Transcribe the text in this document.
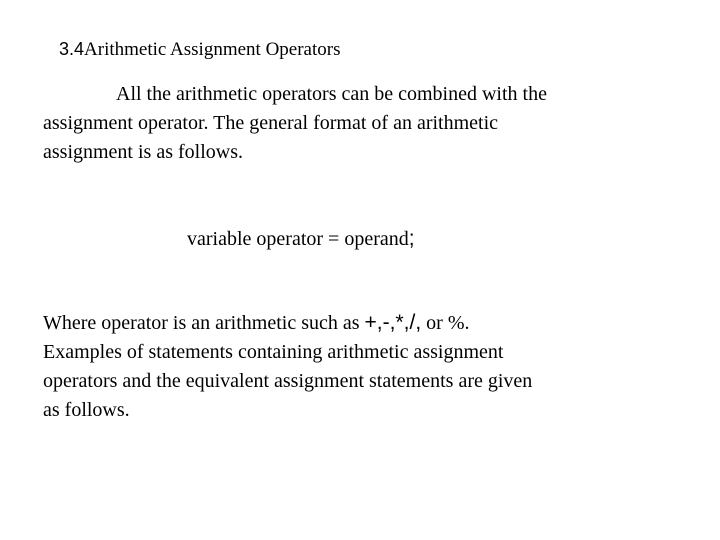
3.4Arithmetic Assignment Operators

All the arithmetic operators can be combined with the
assignment operator. The general format of an arithmetic
assignment is as follows.

variable operator = operand;

Where operator is an arithmetic such as +,-,*,/, or %.
Examples of statements containing arithmetic assignment
operators and the equivalent assignment statements are given
as follows.
